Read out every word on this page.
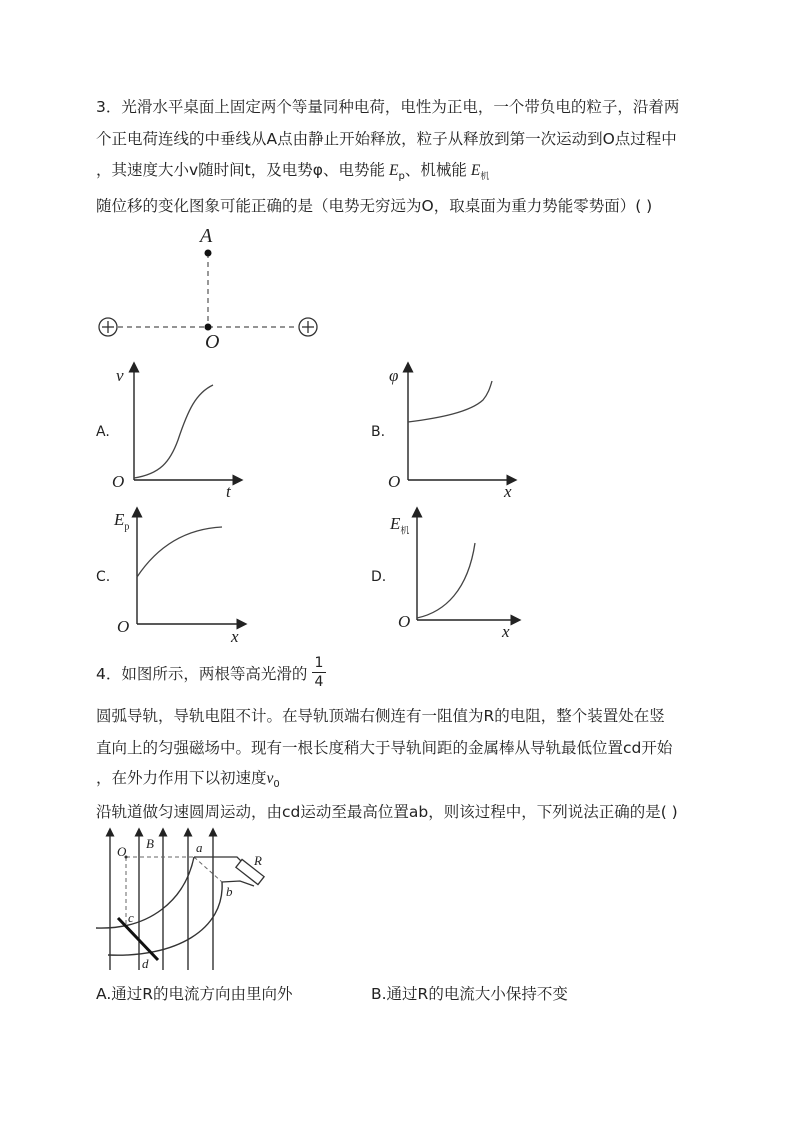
3．光滑水平桌面上固定两个等量同种电荷，电性为正电，一个带负电的粒子，沿着两
个正电荷连线的中垂线从A点由静止开始释放，粒子从释放到第一次运动到O点过程中
，其速度大小v随时间t，及电势φ、电势能 $E_p$、机械能 $E_机$
随位移的变化图象可能正确的是（电势无穷远为O，取桌面为重力势能零势面）( )
A
O
A.
v
t
O
B.
φ
x
O
C.
$E_p$
x
O
D.
$E_机$
x
O
4．如图所示，两根等高光滑的
1
4
圆弧导轨，导轨电阻不计。在导轨顶端右侧连有一阻值为R的电阻，整个装置处在竖
直向上的匀强磁场中。现有一根长度稍大于导轨间距的金属棒从导轨最低位置cd开始
，在外力作用下以初速度$v_0$
沿轨道做匀速圆周运动，由cd运动至最高位置ab，则该过程中，下列说法正确的是( )
O
B	a
b
c
d
R
A.通过R的电流方向由里向外	B.通过R的电流大小保持不变
